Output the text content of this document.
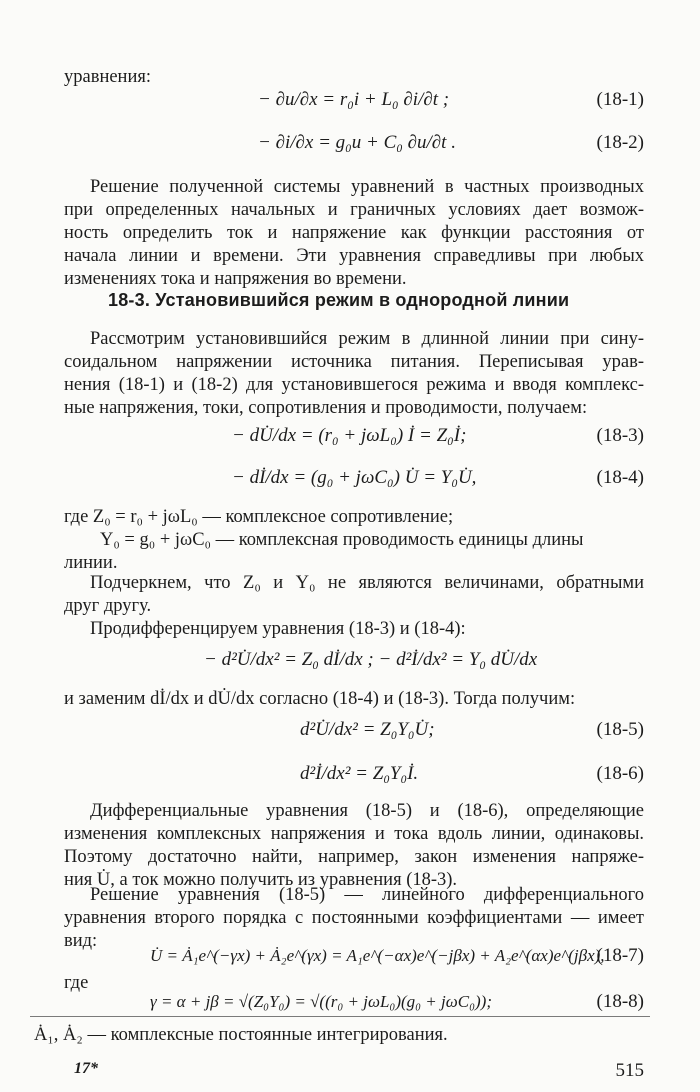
уравнения:
− ∂u/∂x = r₀i + L₀ ∂i/∂t ;	(18-1)
− ∂i/∂x = g₀u + C₀ ∂u/∂t .	(18-2)
Решение полученной системы уравнений в частных производных
при определенных начальных и граничных условиях дает возмож-
ность определить ток и напряжение как функции расстояния от
начала линии и времени. Эти уравнения справедливы при любых
изменениях тока и напряжения во времени.
18-3. Установившийся режим в однородной линии
Рассмотрим установившийся режим в длинной линии при сину-
соидальном напряжении источника питания. Переписывая урав-
нения (18-1) и (18-2) для установившегося режима и вводя комплекс-
ные напряжения, токи, сопротивления и проводимости, получаем:
− dU̇/dx = (r₀ + jωL₀) İ = Z₀İ;	(18-3)
− dİ/dx = (g₀ + jωC₀) U̇ = Y₀U̇,	(18-4)
где Z₀ = r₀ + jωL₀ — комплексное сопротивление;
Y₀ = g₀ + jωC₀ — комплексная проводимость единицы длины
линии.
Подчеркнем, что Z₀ и Y₀ не являются величинами, обратными
друг другу.
Продифференцируем уравнения (18-3) и (18-4):
− d²U̇/dx² = Z₀ dİ/dx ; − d²İ/dx² = Y₀ dU̇/dx
и заменим dİ/dx и dU̇/dx согласно (18-4) и (18-3). Тогда получим:
d²U̇/dx² = Z₀Y₀U̇;	(18-5)
d²İ/dx² = Z₀Y₀İ.	(18-6)
Дифференциальные уравнения (18-5) и (18-6), определяющие
изменения комплексных напряжения и тока вдоль линии, одинаковы.
Поэтому достаточно найти, например, закон изменения напряже-
ния U̇, а ток можно получить из уравнения (18-3).
Решение уравнения (18-5) — линейного дифференциального
уравнения второго порядка с постоянными коэффициентами — имеет
вид:
U̇ = Ȧ₁e^(−γx) + Ȧ₂e^(γx) = A₁e^(−αx)e^(−jβx) + A₂e^(αx)e^(jβx),
(18-7)
где
γ = α + jβ = √(Z₀Y₀) = √((r₀ + jωL₀)(g₀ + jωC₀));	(18-8)
Ȧ₁, Ȧ₂ — комплексные постоянные интегрирования.
17*	515
